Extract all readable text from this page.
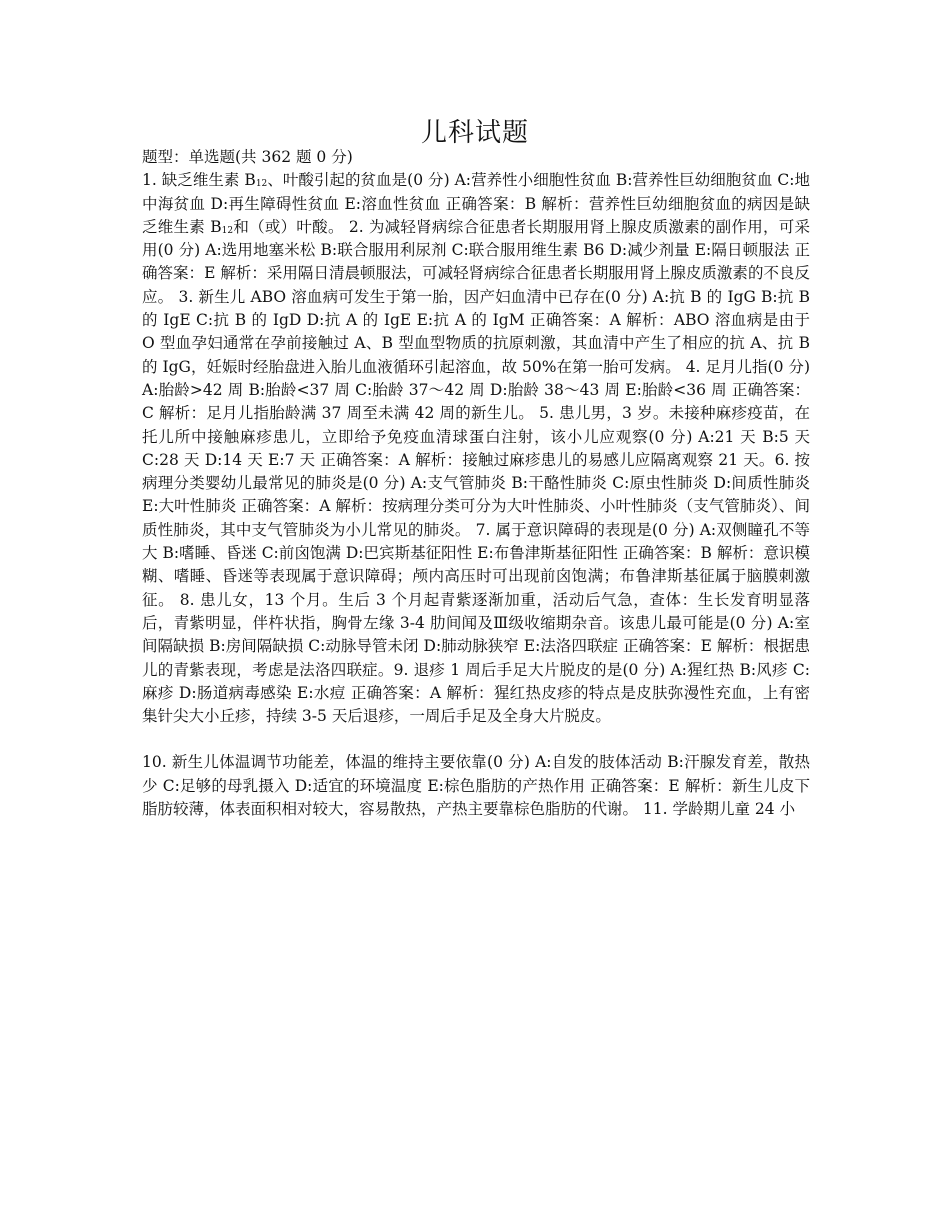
儿科试题

题型：单选题(共 362 题 0 分)

1. 缺乏维生素 $B_{12}$、叶酸引起的贫血是(0 分) A:营养性小细胞性贫血 B:营养性巨幼细胞贫血 C:地中海贫血 D:再生障碍性贫血 E:溶血性贫血 正确答案：B 解析：营养性巨幼细胞贫血的病因是缺乏维生素 $B_{12}$和（或）叶酸。 2. 为减轻肾病综合征患者长期服用肾上腺皮质激素的副作用，可采用(0 分) A:选用地塞米松 B:联合服用利尿剂 C:联合服用维生素 B6 D:减少剂量 E:隔日顿服法 正确答案：E 解析：采用隔日清晨顿服法，可减轻肾病综合征患者长期服用肾上腺皮质激素的不良反应。 3. 新生儿 ABO 溶血病可发生于第一胎，因产妇血清中已存在(0 分) A:抗 B 的 IgG B:抗 B 的 IgE C:抗 B 的 IgD D:抗 A 的 IgE E:抗 A 的 IgM 正确答案：A 解析：ABO 溶血病是由于 O 型血孕妇通常在孕前接触过 A、B 型血型物质的抗原刺激，其血清中产生了相应的抗 A、抗 B 的 IgG，妊娠时经胎盘进入胎儿血液循环引起溶血，故 50%在第一胎可发病。 4. 足月儿指(0 分) A:胎龄>42 周 B:胎龄<37 周 C:胎龄 37～42 周 D:胎龄 38～43 周 E:胎龄<36 周 正确答案：C 解析：足月儿指胎龄满 37 周至未满 42 周的新生儿。 5. 患儿男，3 岁。未接种麻疹疫苗，在托儿所中接触麻疹患儿，立即给予免疫血清球蛋白注射，该小儿应观察(0 分) A:21 天 B:5 天 C:28 天 D:14 天 E:7 天 正确答案：A 解析：接触过麻疹患儿的易感儿应隔离观察 21 天。6. 按病理分类婴幼儿最常见的肺炎是(0 分) A:支气管肺炎 B:干酪性肺炎 C:原虫性肺炎 D:间质性肺炎 E:大叶性肺炎 正确答案：A 解析：按病理分类可分为大叶性肺炎、小叶性肺炎（支气管肺炎）、间质性肺炎，其中支气管肺炎为小儿常见的肺炎。 7. 属于意识障碍的表现是(0 分) A:双侧瞳孔不等大 B:嗜睡、昏迷 C:前囟饱满 D:巴宾斯基征阳性 E:布鲁津斯基征阳性 正确答案：B 解析：意识模糊、嗜睡、昏迷等表现属于意识障碍；颅内高压时可出现前囟饱满；布鲁津斯基征属于脑膜刺激征。 8. 患儿女，13 个月。生后 3 个月起青紫逐渐加重，活动后气急，查体：生长发育明显落后，青紫明显，伴杵状指，胸骨左缘 3-4 肋间闻及Ⅲ级收缩期杂音。该患儿最可能是(0 分) A:室间隔缺损 B:房间隔缺损 C:动脉导管未闭 D:肺动脉狭窄 E:法洛四联症 正确答案：E 解析：根据患儿的青紫表现，考虑是法洛四联症。9. 退疹 1 周后手足大片脱皮的是(0 分) A:猩红热 B:风疹 C:麻疹 D:肠道病毒感染 E:水痘 正确答案：A 解析：猩红热皮疹的特点是皮肤弥漫性充血，上有密集针尖大小丘疹，持续 3-5 天后退疹，一周后手足及全身大片脱皮。

10. 新生儿体温调节功能差，体温的维持主要依靠(0 分) A:自发的肢体活动 B:汗腺发育差，散热少 C:足够的母乳摄入 D:适宜的环境温度 E:棕色脂肪的产热作用 正确答案：E 解析：新生儿皮下脂肪较薄，体表面积相对较大，容易散热，产热主要靠棕色脂肪的代谢。 11. 学龄期儿童 24 小
